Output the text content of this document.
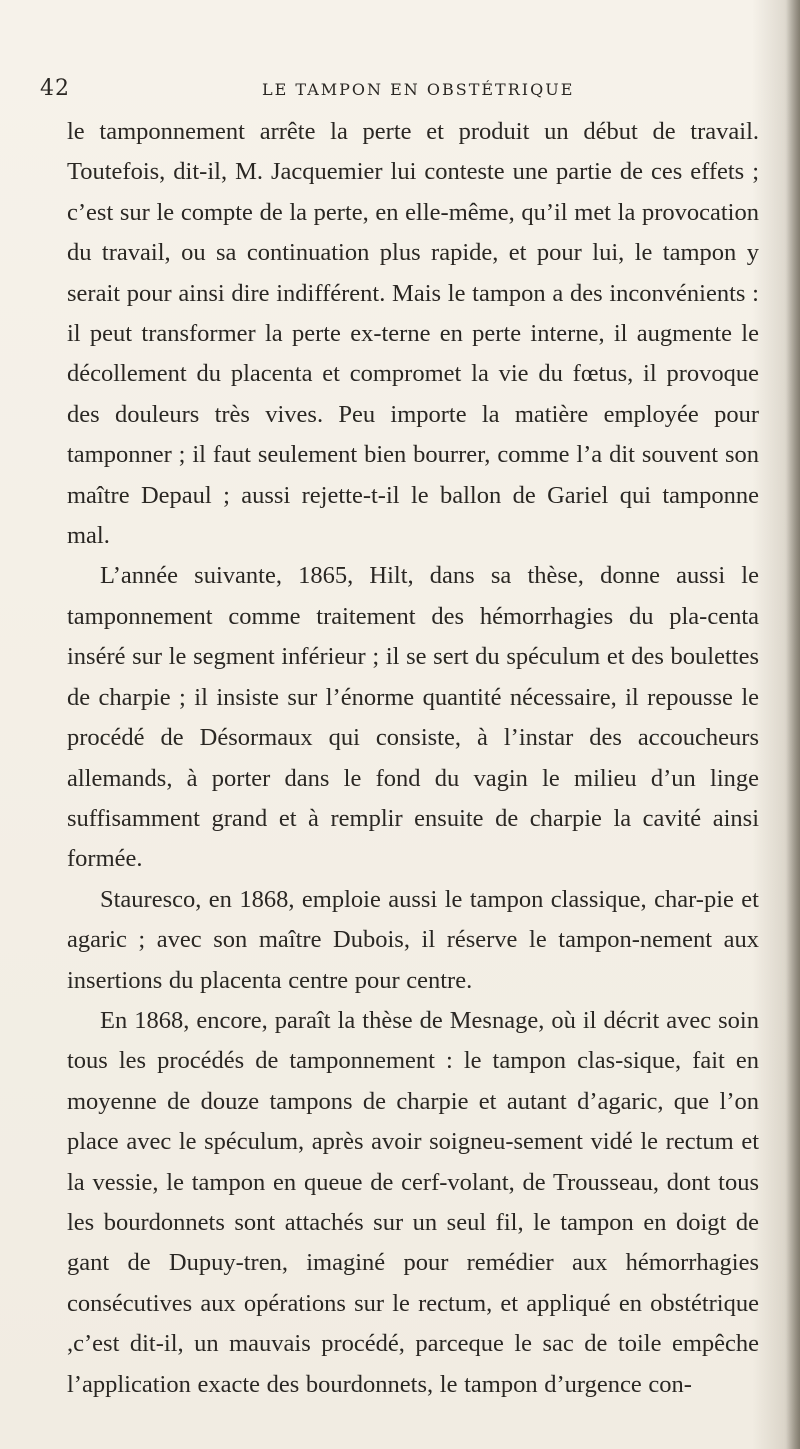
42	LE TAMPON EN OBSTÉTRIQUE

le tamponnement arrête la perte et produit un début de travail. Toutefois, dit-il, M. Jacquemier lui conteste une partie de ces effets ; c’est sur le compte de la perte, en elle-même, qu’il met la provocation du travail, ou sa continuation plus rapide, et pour lui, le tampon y serait pour ainsi dire indifférent. Mais le tampon a des inconvénients : il peut transformer la perte ex-terne en perte interne, il augmente le décollement du placenta et compromet la vie du fœtus, il provoque des douleurs très vives. Peu importe la matière employée pour tamponner ; il faut seulement bien bourrer, comme l’a dit souvent son maître Depaul ; aussi rejette-t-il le ballon de Gariel qui tamponne mal.

L’année suivante, 1865, Hilt, dans sa thèse, donne aussi le tamponnement comme traitement des hémorrhagies du pla-centa inséré sur le segment inférieur ; il se sert du spéculum et des boulettes de charpie ; il insiste sur l’énorme quantité nécessaire, il repousse le procédé de Désormaux qui consiste, à l’instar des accoucheurs allemands, à porter dans le fond du vagin le milieu d’un linge suffisamment grand et à remplir ensuite de charpie la cavité ainsi formée.

Stauresco, en 1868, emploie aussi le tampon classique, char-pie et agaric ; avec son maître Dubois, il réserve le tampon-nement aux insertions du placenta centre pour centre.

En 1868, encore, paraît la thèse de Mesnage, où il décrit avec soin tous les procédés de tamponnement : le tampon clas-sique, fait en moyenne de douze tampons de charpie et autant d’agaric, que l’on place avec le spéculum, après avoir soigneu-sement vidé le rectum et la vessie, le tampon en queue de cerf-volant, de Trousseau, dont tous les bourdonnets sont attachés sur un seul fil, le tampon en doigt de gant de Dupuy-tren, imaginé pour remédier aux hémorrhagies consécutives aux opérations sur le rectum, et appliqué en obstétrique ,c’est dit-il, un mauvais procédé, parceque le sac de toile empêche l’application exacte des bourdonnets, le tampon d’urgence con-
